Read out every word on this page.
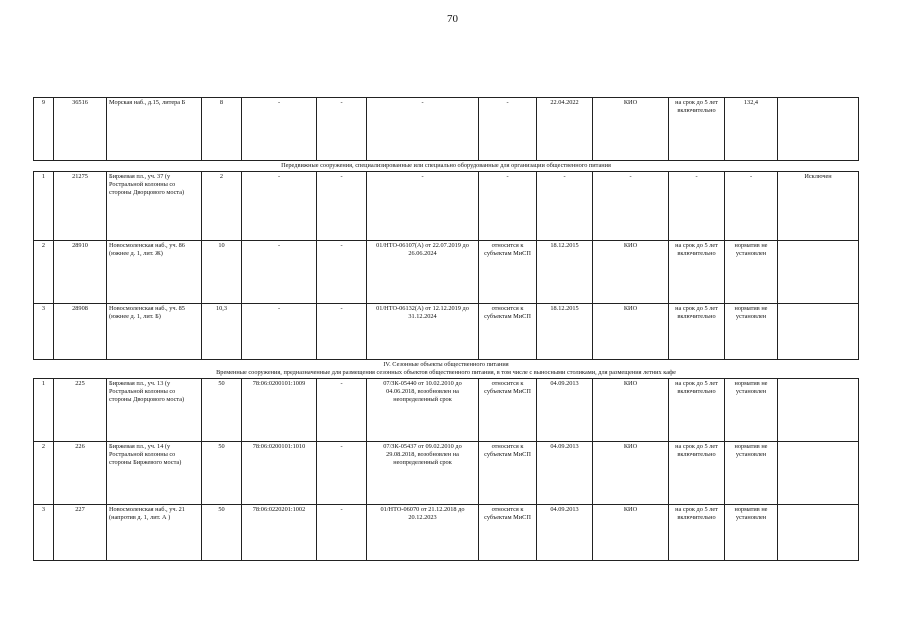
70
9	36516	Морская наб., д.15, литера Б	8	-	-	-	-	22.04.2022	КИО	на срок до 5 лет включительно	132,4	

Передвижные сооружения, специализированные или специально оборудованные для организации общественного питания												

1	21275	Биржевая пл., уч. 37 (у Ростральной колонны со стороны Дворцового моста)	2	-	-	-	-	-	-	-	-	Исключен
2	28910	Новосмоленская наб., уч. 86 (южнее д. 1, лит. Ж)	10	-	-	01/НТО-06107(А) от 22.07.2019 до 26.06.2024	относится к субъектам МиСП	18.12.2015	КИО	на срок до 5 лет включительно	норматив не установлен	
3	28908	Новосмоленская наб., уч. 85 (южнее д. 1, лит. Б)	10,3	-	-	01/НТО-06132(А) от 12.12.2019 до 31.12.2024	относится к субъектам МиСП	18.12.2015	КИО	на срок до 5 лет включительно	норматив не установлен	

IV. Сезонные объекты общественного питания
Временные сооружения, предназначенные для размещения сезонных объектов общественного питания, в том числе с выносными столиками, для размещения летних кафе												

1	225	Биржевая пл., уч. 13 (у Ростральной колонны со стороны Дворцового моста)	50	78:06:0200101:1009	-	07/ЗК-05440 от 10.02.2010 до 04.06.2018, возобновлен на неопределенный срок	относится к субъектам МиСП	04.09.2013	КИО	на срок до 5 лет включительно	норматив не установлен	
2	226	Биржевая пл., уч. 14 (у Ростральной колонны со стороны Биржевого моста)	50	78:06:0200101:1010	-	07/ЗК-05437 от 09.02.2010 до 29.08.2018, возобновлен на неопределенный срок	относится к субъектам МиСП	04.09.2013	КИО	на срок до 5 лет включительно	норматив не установлен	
3	227	Новосмоленская наб., уч. 21 (напротив д. 1, лит. А )	50	78:06:0220201:1002	-	01/НТО-06070 от 21.12.2018 до 20.12.2023	относится к субъектам МиСП	04.09.2013	КИО	на срок до 5 лет включительно	норматив не установлен	
